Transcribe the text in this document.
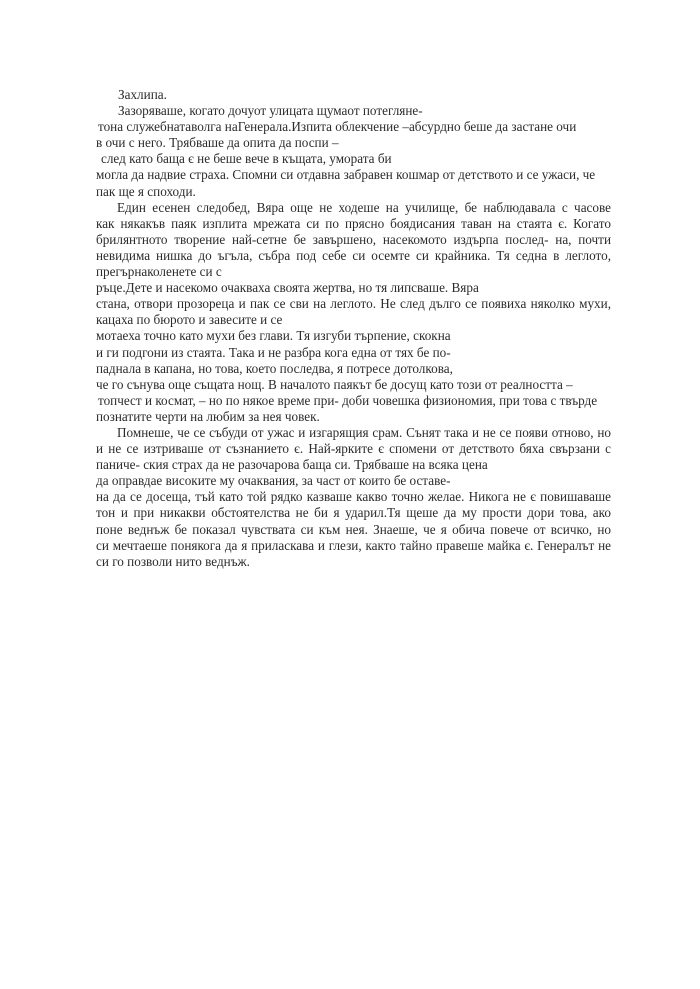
Захлипа.
Зазоряваше, когато дочуот улицата щумаот потегляне-
тона служебнатаволга наГенерала.Изпита облекчение –абсурдно беше да застане очи
в очи с него. Трябваше да опита да поспи –
след като баща є не беше вече в къщата, умората би
могла да надвие страха. Спомни си отдавна забравен кошмар от детството и се ужаси, че
пак ще я споходи.
Един есенен следобед, Вяра още не ходеше на училище, бе наблюдавала с часове
как някакъв паяк изплита мрежата си по прясно боядисания таван на стаята є. Когато
брилянтното творение най-сетне бе завършено, насекомото издърпа послед- на, почти
невидима нишка до ъгъла, събра под себе си осемте си крайника. Тя седна в леглото,
прегърнаколенете си с
ръце.Дете и насекомо очакваха своята жертва, но тя липсваше. Вяра
стана, отвори прозореца и пак се сви на леглото. Не след дълго се появиха няколко мухи,
кацаха по бюрото и завесите и се
мотаеха точно като мухи без глави. Тя изгуби търпение, скокна
и ги подгони из стаята. Така и не разбра кога една от тях бе по-
паднала в капана, но това, което последва, я потресе дотолкова,
че го сънува още същата нощ. В началото паякът бе досущ като този от реалността –
топчест и космат, – но по някое време при- доби човешка физиономия, при това с твърде
познатите черти на любим за нея човек.
Помнеше, че се събуди от ужас и изгарящия срам. Сънят така и не се появи отново, но
и не се изтриваше от съзнанието є. Най-ярките є спомени от детството бяха свързани с
паниче- ския страх да не разочарова баща си. Трябваше на всяка цена
да оправдае високите му очаквания, за част от които бе оставе-
на да се досеща, тъй като той рядко казваше какво точно желае. Никога не є повишаваше
тон и при никакви обстоятелства не би я ударил.Тя щеше да му прости дори това, ако
поне веднъж бе показал чувствата си към нея. Знаеше, че я обича повече от всичко, но
си мечтаеше понякога да я приласкава и глези, както тайно правеше майка є. Генералът не
си го позволи нито веднъж.
